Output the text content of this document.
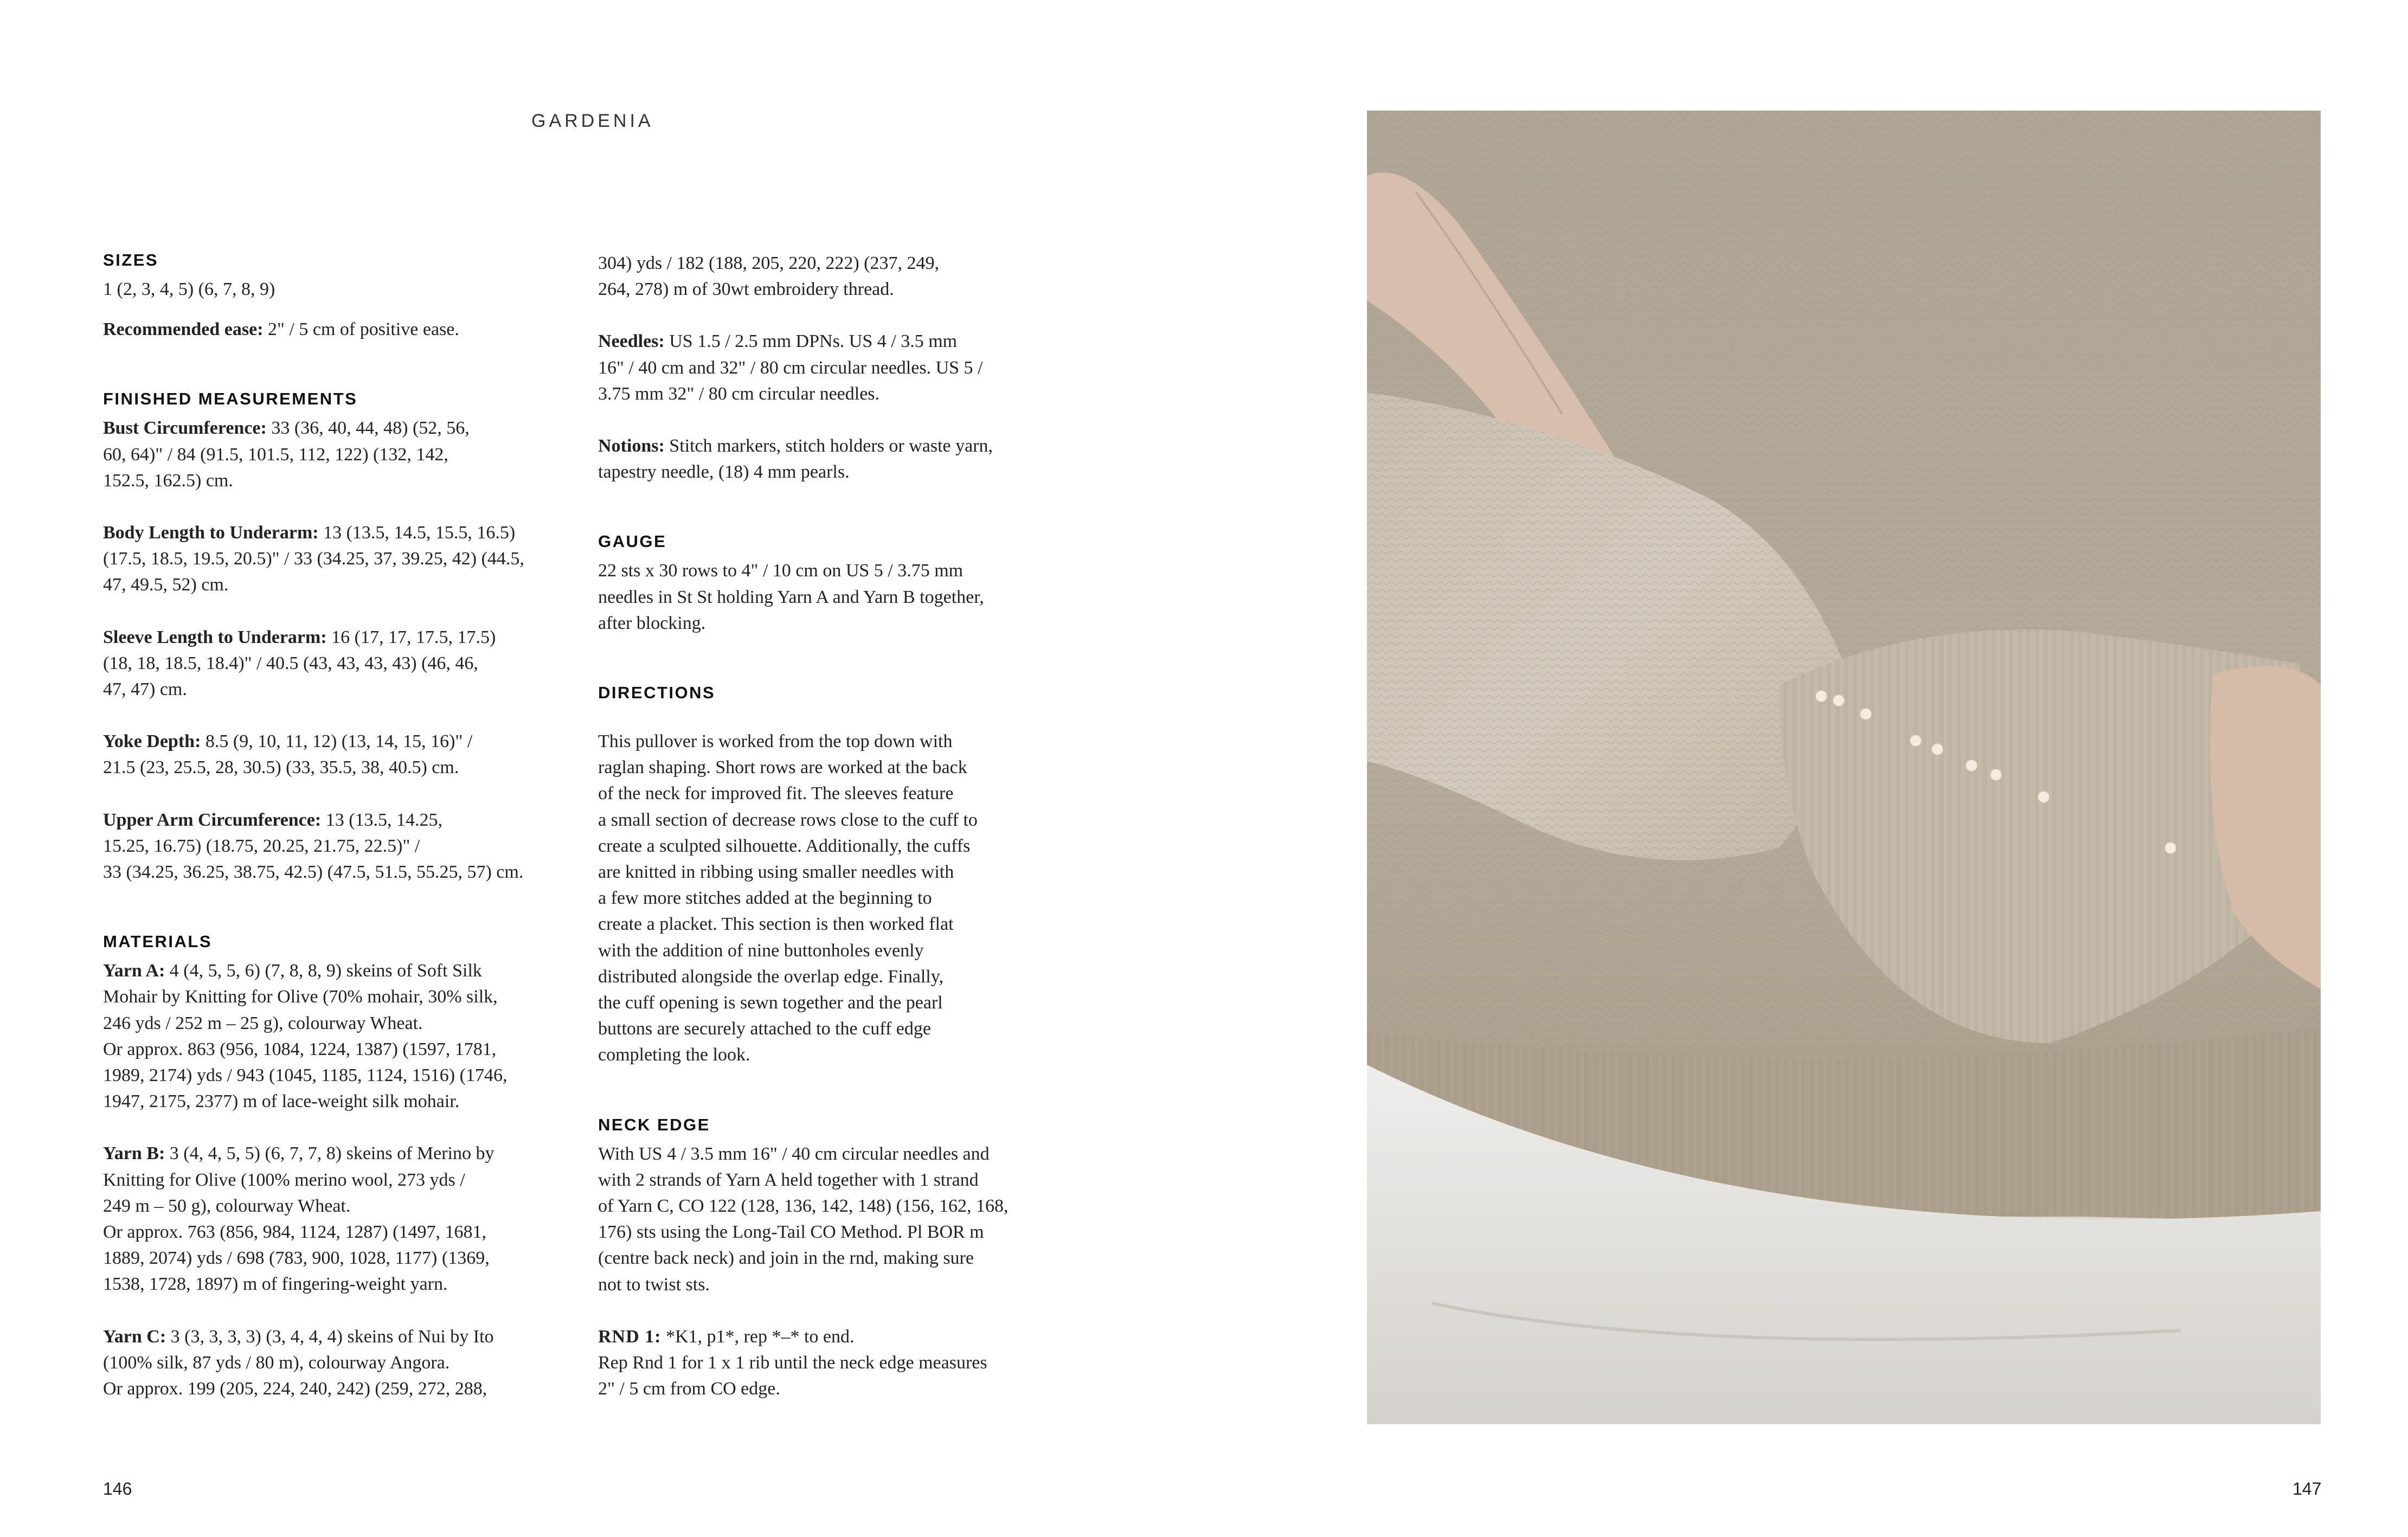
GARDENIA
SIZES
1 (2, 3, 4, 5) (6, 7, 8, 9)
Recommended ease: 2" / 5 cm of positive ease.
FINISHED MEASUREMENTS
Bust Circumference: 33 (36, 40, 44, 48) (52, 56,
60, 64)" / 84 (91.5, 101.5, 112, 122) (132, 142,
152.5, 162.5) cm.
Body Length to Underarm: 13 (13.5, 14.5, 15.5, 16.5)
(17.5, 18.5, 19.5, 20.5)" / 33 (34.25, 37, 39.25, 42) (44.5,
47, 49.5, 52) cm.
Sleeve Length to Underarm: 16 (17, 17, 17.5, 17.5)
(18, 18, 18.5, 18.4)" / 40.5 (43, 43, 43, 43) (46, 46,
47, 47) cm.
Yoke Depth: 8.5 (9, 10, 11, 12) (13, 14, 15, 16)" /
21.5 (23, 25.5, 28, 30.5) (33, 35.5, 38, 40.5) cm.
Upper Arm Circumference: 13 (13.5, 14.25,
15.25, 16.75) (18.75, 20.25, 21.75, 22.5)" /
33 (34.25, 36.25, 38.75, 42.5) (47.5, 51.5, 55.25, 57) cm.
MATERIALS
Yarn A: 4 (4, 5, 5, 6) (7, 8, 8, 9) skeins of Soft Silk
Mohair by Knitting for Olive (70% mohair, 30% silk,
246 yds / 252 m – 25 g), colourway Wheat.
Or approx. 863 (956, 1084, 1224, 1387) (1597, 1781,
1989, 2174) yds / 943 (1045, 1185, 1124, 1516) (1746,
1947, 2175, 2377) m of lace-weight silk mohair.
Yarn B: 3 (4, 4, 5, 5) (6, 7, 7, 8) skeins of Merino by
Knitting for Olive (100% merino wool, 273 yds /
249 m – 50 g), colourway Wheat.
Or approx. 763 (856, 984, 1124, 1287) (1497, 1681,
1889, 2074) yds / 698 (783, 900, 1028, 1177) (1369,
1538, 1728, 1897) m of fingering-weight yarn.
Yarn C: 3 (3, 3, 3, 3) (3, 4, 4, 4) skeins of Nui by Ito
(100% silk, 87 yds / 80 m), colourway Angora.
Or approx. 199 (205, 224, 240, 242) (259, 272, 288,
304) yds / 182 (188, 205, 220, 222) (237, 249,
264, 278) m of 30wt embroidery thread.
Needles: US 1.5 / 2.5 mm DPNs. US 4 / 3.5 mm
16" / 40 cm and 32" / 80 cm circular needles. US 5 /
3.75 mm 32" / 80 cm circular needles.
Notions: Stitch markers, stitch holders or waste yarn,
tapestry needle, (18) 4 mm pearls.
GAUGE
22 sts x 30 rows to 4" / 10 cm on US 5 / 3.75 mm
needles in St St holding Yarn A and Yarn B together,
after blocking.
DIRECTIONS
This pullover is worked from the top down with
raglan shaping. Short rows are worked at the back
of the neck for improved fit. The sleeves feature
a small section of decrease rows close to the cuff to
create a sculpted silhouette. Additionally, the cuffs
are knitted in ribbing using smaller needles with
a few more stitches added at the beginning to
create a placket. This section is then worked flat
with the addition of nine buttonholes evenly
distributed alongside the overlap edge. Finally,
the cuff opening is sewn together and the pearl
buttons are securely attached to the cuff edge
completing the look.
NECK EDGE
With US 4 / 3.5 mm 16" / 40 cm circular needles and
with 2 strands of Yarn A held together with 1 strand
of Yarn C, CO 122 (128, 136, 142, 148) (156, 162, 168,
176) sts using the Long-Tail CO Method. Pl BOR m
(centre back neck) and join in the rnd, making sure
not to twist sts.
RND 1: *K1, p1*, rep *–* to end.
Rep Rnd 1 for 1 x 1 rib until the neck edge measures
2" / 5 cm from CO edge.
146	147
